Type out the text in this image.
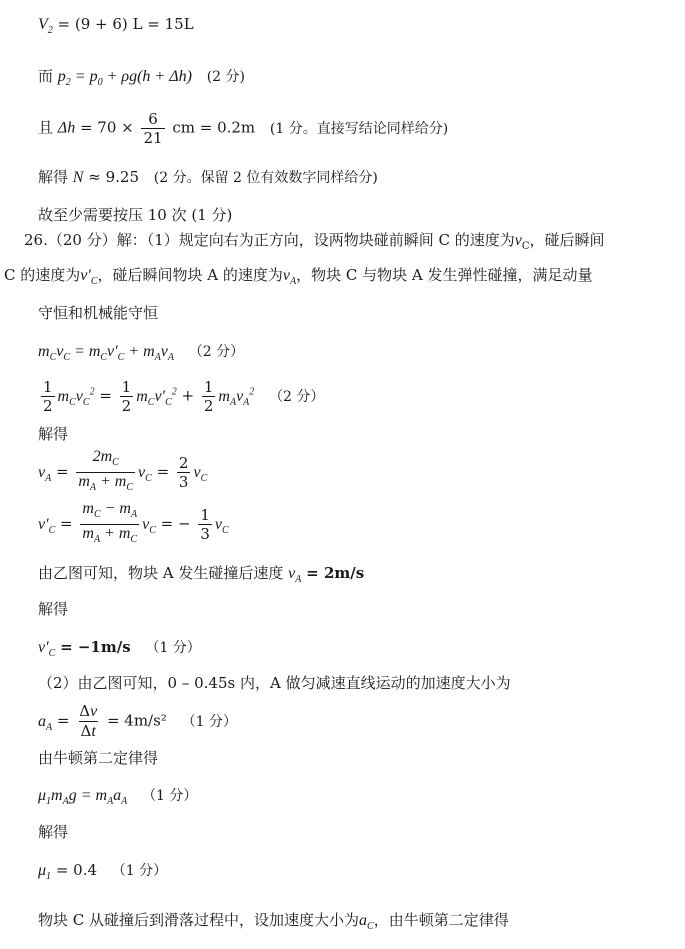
$V_2 = (9 + 6) L = 15L$
而 $p_2 = p_0 + \rho g(h + \Delta h)$ (2 分)
且 $\Delta h = 70 \times \frac{6}{21}$ cm = 0.2m (1 分。直接写结论同样给分)
解得 N ≈ 9.25 (2 分。保留 2 位有效数字同样给分)
故至少需要按压 10 次 (1 分)
26.（20 分）解：（1）规定向右为正方向，设两物块碰前瞬间 C 的速度为$v_C$，碰后瞬间
C 的速度为$v'_C$，碰后瞬间物块 A 的速度为$v_A$，物块 C 与物块 A 发生弹性碰撞，满足动量
守恒和机械能守恒
$m_Cv_C = m_Cv'_C + m_Av_A$ （2 分）
$\frac{1}{2} m_Cv_C^2 = \frac{1}{2} m_Cv'_C^2 + \frac{1}{2} m_Av_A^2$ （2 分）
解得
$v_A = \frac{2m_C}{m_A + m_C} v_C = \frac{2}{3} v_C$
$v'_C = \frac{m_C - m_A}{m_A + m_C} v_C$ = − $\frac{1}{3} v_C$
由乙图可知，物块 A 发生碰撞后速度 $v_A = 2m/s$
解得
$v'_C = -1m/s$ （1 分）
（2）由乙图可知，0 – 0.45s 内，A 做匀减速直线运动的加速度大小为
$a_A = \frac{\Delta v}{\Delta t} = 4m/s^2$ （1 分）
由牛顿第二定律得
$\mu_1m_Ag = m_Aa_A$ （1 分）
解得
$\mu_1 = 0.4$ （1 分）
物块 C 从碰撞后到滑落过程中，设加速度大小为$a_C$，由牛顿第二定律得
